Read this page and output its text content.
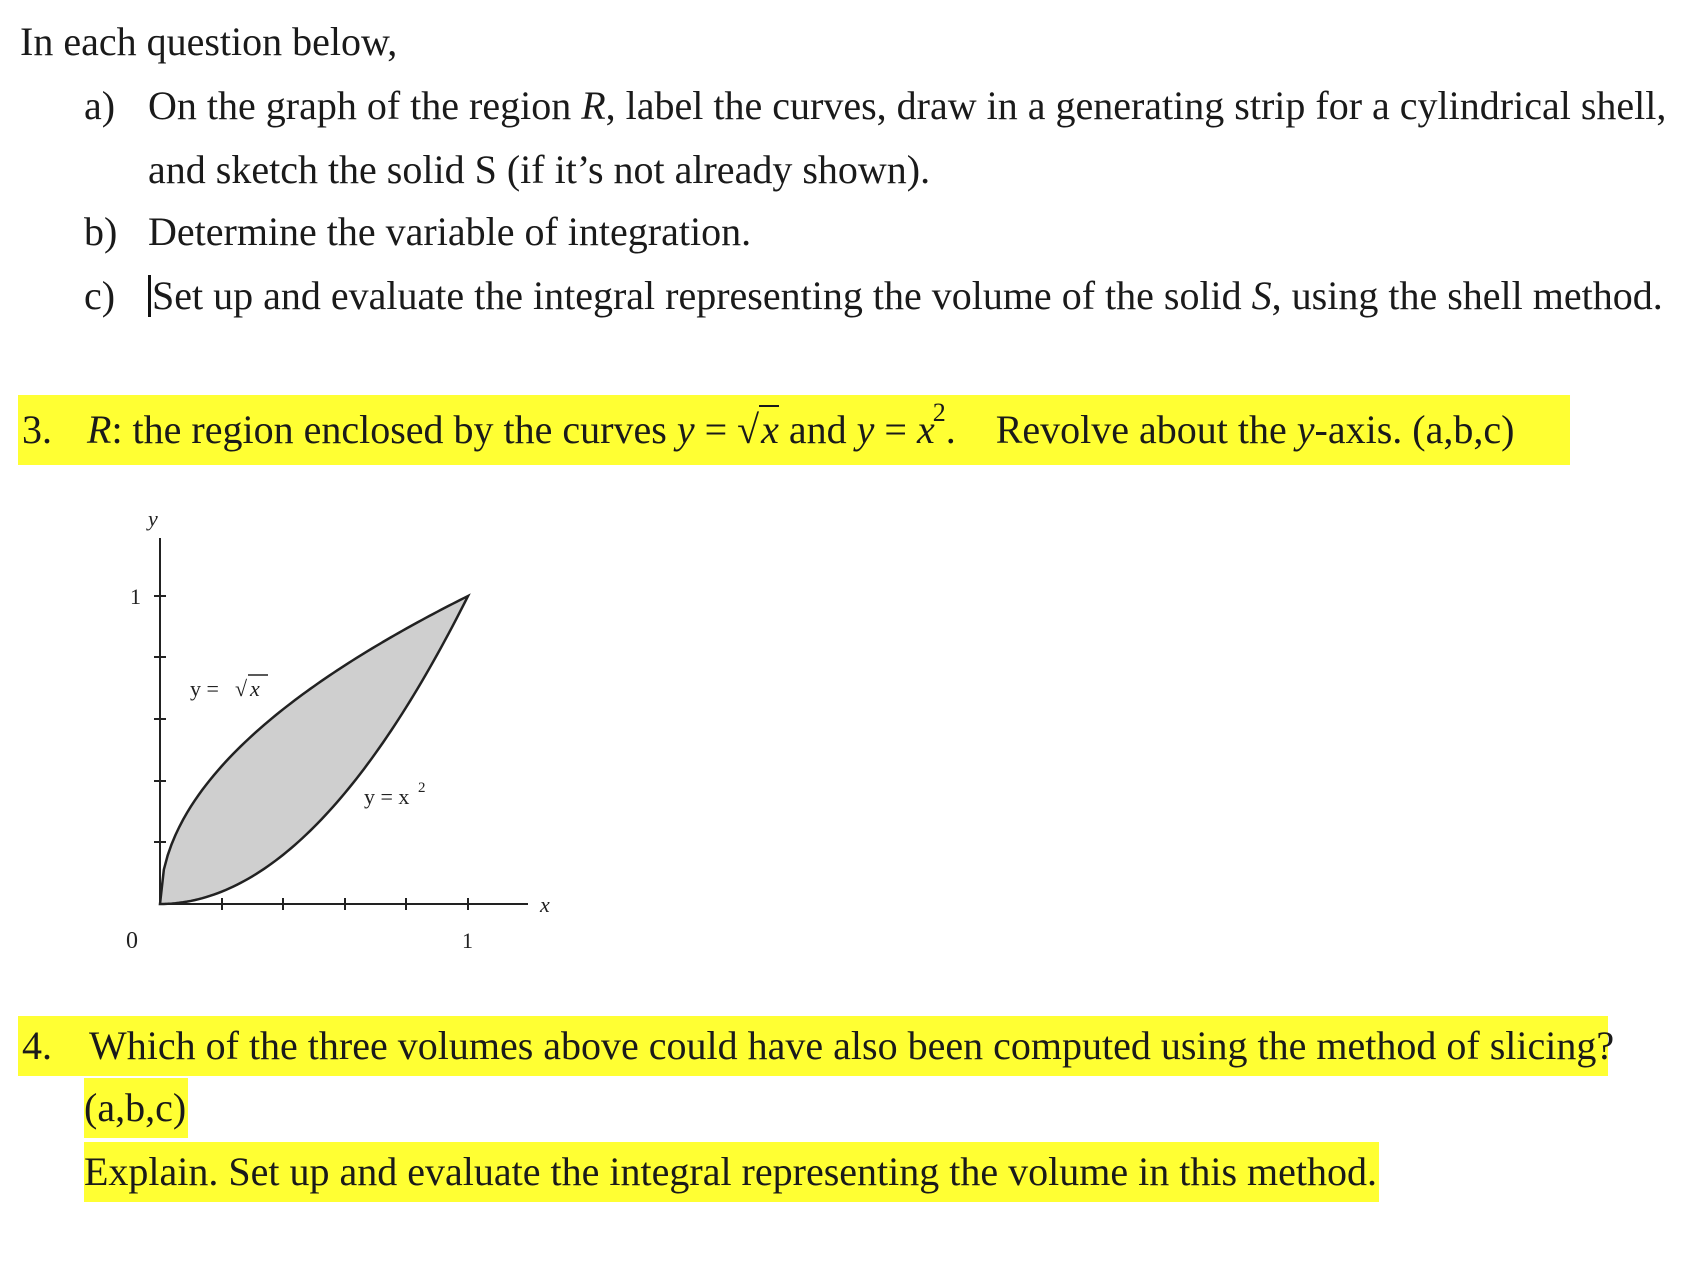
In each question below,
a) On the graph of the region R, label the curves, draw in a generating strip for a cylindrical shell,
and sketch the solid S (if it’s not already shown).
b) Determine the variable of integration.
c) Set up and evaluate the integral representing the volume of the solid S, using the shell method.
3. R: the region enclosed by the curves y = √x and $y = x^2$. Revolve about the y-axis. (a,b,c)
y
x
1
1
0
y = √ x
y = x 2
4. Which of the three volumes above could have also been computed using the method of slicing?
(a,b,c)
Explain. Set up and evaluate the integral representing the volume in this method.
